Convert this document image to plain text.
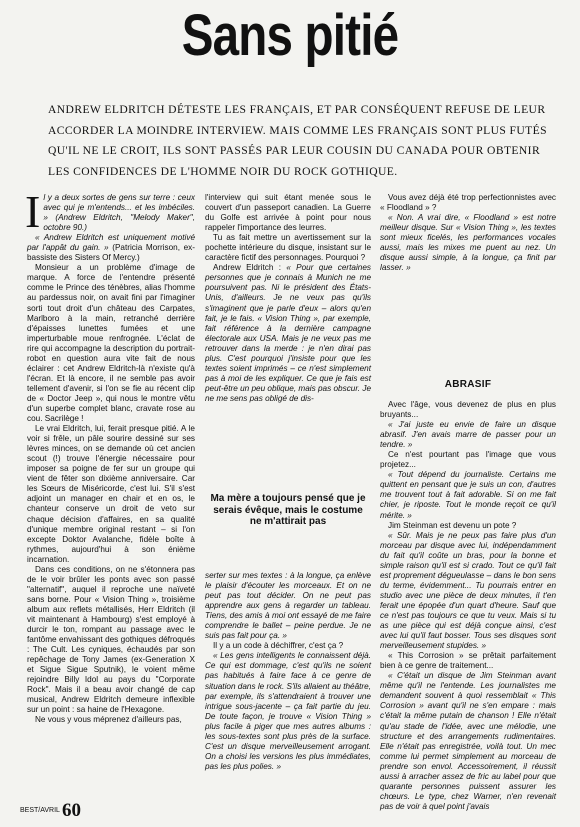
Sans pitié
ANDREW ELDRITCH DÉTESTE LES FRANÇAIS, ET PAR CONSÉQUENT REFUSE DE LEUR ACCORDER LA MOINDRE INTERVIEW. MAIS COMME LES FRANÇAIS SONT PLUS FUTÉS QU'IL NE LE CROIT, ILS SONT PASSÉS PAR LEUR COUSIN DU CANADA POUR OBTENIR LES CONFIDENCES DE L'HOMME NOIR DU ROCK GOTHIQUE.

Il y a deux sortes de gens sur terre : ceux avec qui je m'entends... et les imbéciles. » (Andrew Eldritch, "Melody Maker", octobre 90.)

« Andrew Eldritch est uniquement motivé par l'appât du gain. » (Patricia Morrison, ex-bassiste des Sisters Of Mercy.)

Monsieur a un problème d'image de marque. A force de l'entendre présenté comme le Prince des ténèbres, alias l'homme au pardessus noir, on avait fini par l'imaginer sorti tout droit d'un château des Carpates, Marlboro à la main, retranché derrière d'épaisses lunettes fumées et une imperturbable moue renfrognée. L'éclat de rire qui accompagne la description du portrait-robot en question aura vite fait de nous éclairer : cet Andrew Eldritch-là n'existe qu'à l'écran. Et là encore, il ne semble pas avoir tellement d'avenir, si l'on se fie au récent clip de « Doctor Jeep », qui nous le montre vêtu d'un superbe complet blanc, cravate rose au cou. Sacrilège !

Le vrai Eldritch, lui, ferait presque pitié. A le voir si frêle, un pâle sourire dessiné sur ses lèvres minces, on se demande où cet ancien scout (!) trouve l'énergie nécessaire pour imposer sa poigne de fer sur un groupe qui vient de fêter son dixième anniversaire. Car les Sœurs de Miséricorde, c'est lui. S'il s'est adjoint un manager en chair et en os, le chanteur conserve un droit de veto sur chaque décision d'affaires, en sa qualité d'unique membre original restant – si l'on excepte Doktor Avalanche, fidèle boîte à rythmes, aujourd'hui à son énième incarnation.

Dans ces conditions, on ne s'étonnera pas de le voir brûler les ponts avec son passé "alternatif", auquel il reproche une naïveté sans borne. Pour « Vision Thing », troisième album aux reflets métallisés, Herr Eldritch (il vit maintenant à Hambourg) s'est employé à durcir le ton, rompant au passage avec le fantôme envahissant des gothiques défroqués : The Cult. Les cyniques, échaudés par son repêchage de Tony James (ex-Generation X et Sigue Sigue Sputnik), le voient même rejoindre Billy Idol au pays du "Corporate Rock". Mais il a beau avoir changé de cap musical, Andrew Eldritch demeure inflexible sur un point : sa haine de l'Hexagone.

Ne vous y vous méprenez d'ailleurs pas,

l'interview qui suit étant menée sous le couvert d'un passeport canadien. La Guerre du Golfe est arrivée à point pour nous rappeler l'importance des leurres.

Tu as fait mettre un avertissement sur la pochette intérieure du disque, insistant sur le caractère fictif des personnages. Pourquoi ?

Andrew Eldritch : « Pour que certaines personnes que je connais à Munich ne me poursuivent pas. Ni le président des États-Unis, d'ailleurs. Je ne veux pas qu'ils s'imaginent que je parle d'eux – alors qu'en fait, je le fais. « Vision Thing », par exemple, fait référence à la dernière campagne électorale aux USA. Mais je ne veux pas me retrouver dans la merde : je n'en dirai pas plus. C'est pourquoi j'insiste pour que les textes soient imprimés – ce n'est simplement pas à moi de les expliquer. Ce que je fais est peut-être un peu oblique, mais pas obscur. Je ne me sens pas obligé de dis-

Ma mère a toujours pensé que je serais évêque, mais le costume ne m'attirait pas

serter sur mes textes : à la longue, ça enlève le plaisir d'écouter les morceaux. Et on ne peut pas tout décider. On ne peut pas apprendre aux gens à regarder un tableau. Tiens, des amis à moi ont essayé de me faire comprendre le ballet – peine perdue. Je ne suis pas fait pour ça. »

Il y a un code à déchiffrer, c'est ça ?

« Les gens intelligents le connaissent déjà. Ce qui est dommage, c'est qu'ils ne soient pas habitués à faire face à ce genre de situation dans le rock. S'ils allaient au théâtre, par exemple, ils s'attendraient à trouver une intrigue sous-jacente – ça fait partie du jeu. De toute façon, je trouve « Vision Thing » plus facile à piger que mes autres albums : les sous-textes sont plus près de la surface. C'est un disque merveilleusement arrogant. On a choisi les versions les plus immédiates, pas les plus polies. »

Vous avez déjà été trop perfectionnistes avec « Floodland » ?

« Non. A vrai dire, « Floodland » est notre meilleur disque. Sur « Vision Thing », les textes sont mieux ficelés, les performances vocales aussi, mais les mixes me puent au nez. Un disque aussi simple, à la longue, ça finit par lasser. »

ABRASIF

Avec l'âge, vous devenez de plus en plus bruyants...

« J'ai juste eu envie de faire un disque abrasif. J'en avais marre de passer pour un tendre. »

Ce n'est pourtant pas l'image que vous projetez...

« Tout dépend du journaliste. Certains me quittent en pensant que je suis un con, d'autres me trouvent tout à fait adorable. Si on me fait chier, je riposte. Tout le monde reçoit ce qu'il mérite. »

Jim Steinman est devenu un pote ?

« Sûr. Mais je ne peux pas faire plus d'un morceau par disque avec lui, indépendamment du fait qu'il coûte un bras, pour la bonne et simple raison qu'il est si crado. Tout ce qu'il fait est proprement dégueulasse – dans le bon sens du terme, évidemment... Tu pourrais entrer en studio avec une pièce de deux minutes, il t'en ferait une épopée d'un quart d'heure. Sauf que ce n'est pas toujours ce que tu veux. Mais si tu as une pièce qui est déjà conçue ainsi, c'est avec lui qu'il faut bosser. Tous ses disques sont merveilleusement stupides. »

« This Corrosion » se prêtait parfaitement bien à ce genre de traitement...

« C'était un disque de Jim Steinman avant même qu'il ne l'entende. Les journalistes me demandent souvent à quoi ressemblait « This Corrosion » avant qu'il ne s'en empare : mais c'était la même putain de chanson ! Elle n'était qu'au stade de l'idée, avec une mélodie, une structure et des arrangements rudimentaires. Elle n'était pas enregistrée, voilà tout. Un mec comme lui permet simplement au morceau de prendre son envol. Accessoirement, il réussit aussi à arracher assez de fric au label pour que quarante personnes puissent assurer les chœurs. Le type, chez Warner, n'en revenait pas de voir à quel point j'avais

BEST/AVRIL 60
